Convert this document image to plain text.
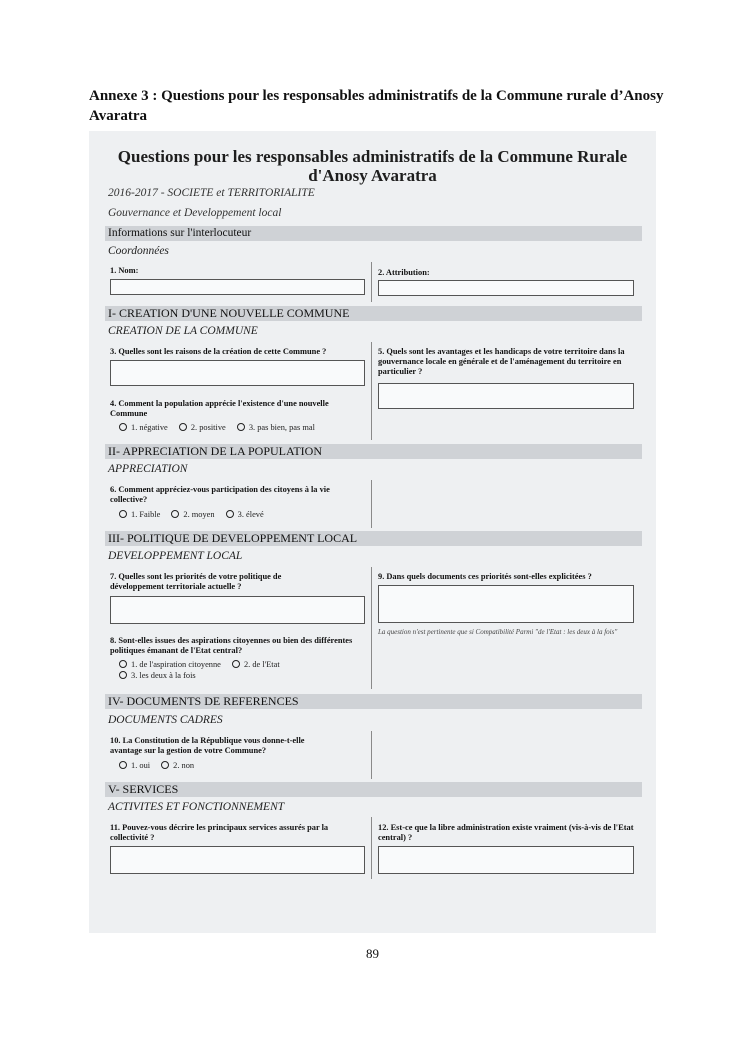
Annexe 3 : Questions pour les responsables administratifs de la Commune rurale d’Anosy Avaratra
Questions pour les responsables administratifs de la Commune Rurale d'Anosy Avaratra
2016-2017 - SOCIETE et TERRITORIALITE
Gouvernance et Developpement local
Informations sur l'interlocuteur
Coordonnées
1. Nom:	2. Attribution:
I- CREATION D'UNE NOUVELLE COMMUNE
CREATION DE LA COMMUNE
3. Quelles sont les raisons de la création de cette Commune ?
4. Comment la population apprécie l'existence d'une nouvelle Commune
1. négative	2. positive	3. pas bien, pas mal
5. Quels sont les avantages et les handicaps de votre territoire dans la gouvernance locale en générale et de l'aménagement du territoire en particulier ?
II- APPRECIATION DE LA POPULATION
APPRECIATION
6. Comment appréciez-vous participation des citoyens à la vie collective?
1. Faible	2. moyen	3. élevé
III- POLITIQUE DE DEVELOPPEMENT LOCAL
DEVELOPPEMENT LOCAL
7. Quelles sont les priorités de votre politique de développement territoriale actuelle ?
8. Sont-elles issues des aspirations citoyennes ou bien des différentes politiques émanant de l'Etat central?
1. de l'aspiration citoyenne	2. de l'Etat
3. les deux à la fois
9. Dans quels documents ces priorités sont-elles explicitées ?
La question n'est pertinente que si Compatibilité Parmi "de l'Etat : les deux à la fois"
IV- DOCUMENTS DE REFERENCES
DOCUMENTS CADRES
10. La Constitution de la République vous donne-t-elle avantage sur la gestion de votre Commune?
1. oui	2. non
V- SERVICES
ACTIVITES ET FONCTIONNEMENT
11. Pouvez-vous décrire les principaux services assurés par la collectivité ?
12. Est-ce que la libre administration existe vraiment (vis-à-vis de l'Etat central) ?
89
